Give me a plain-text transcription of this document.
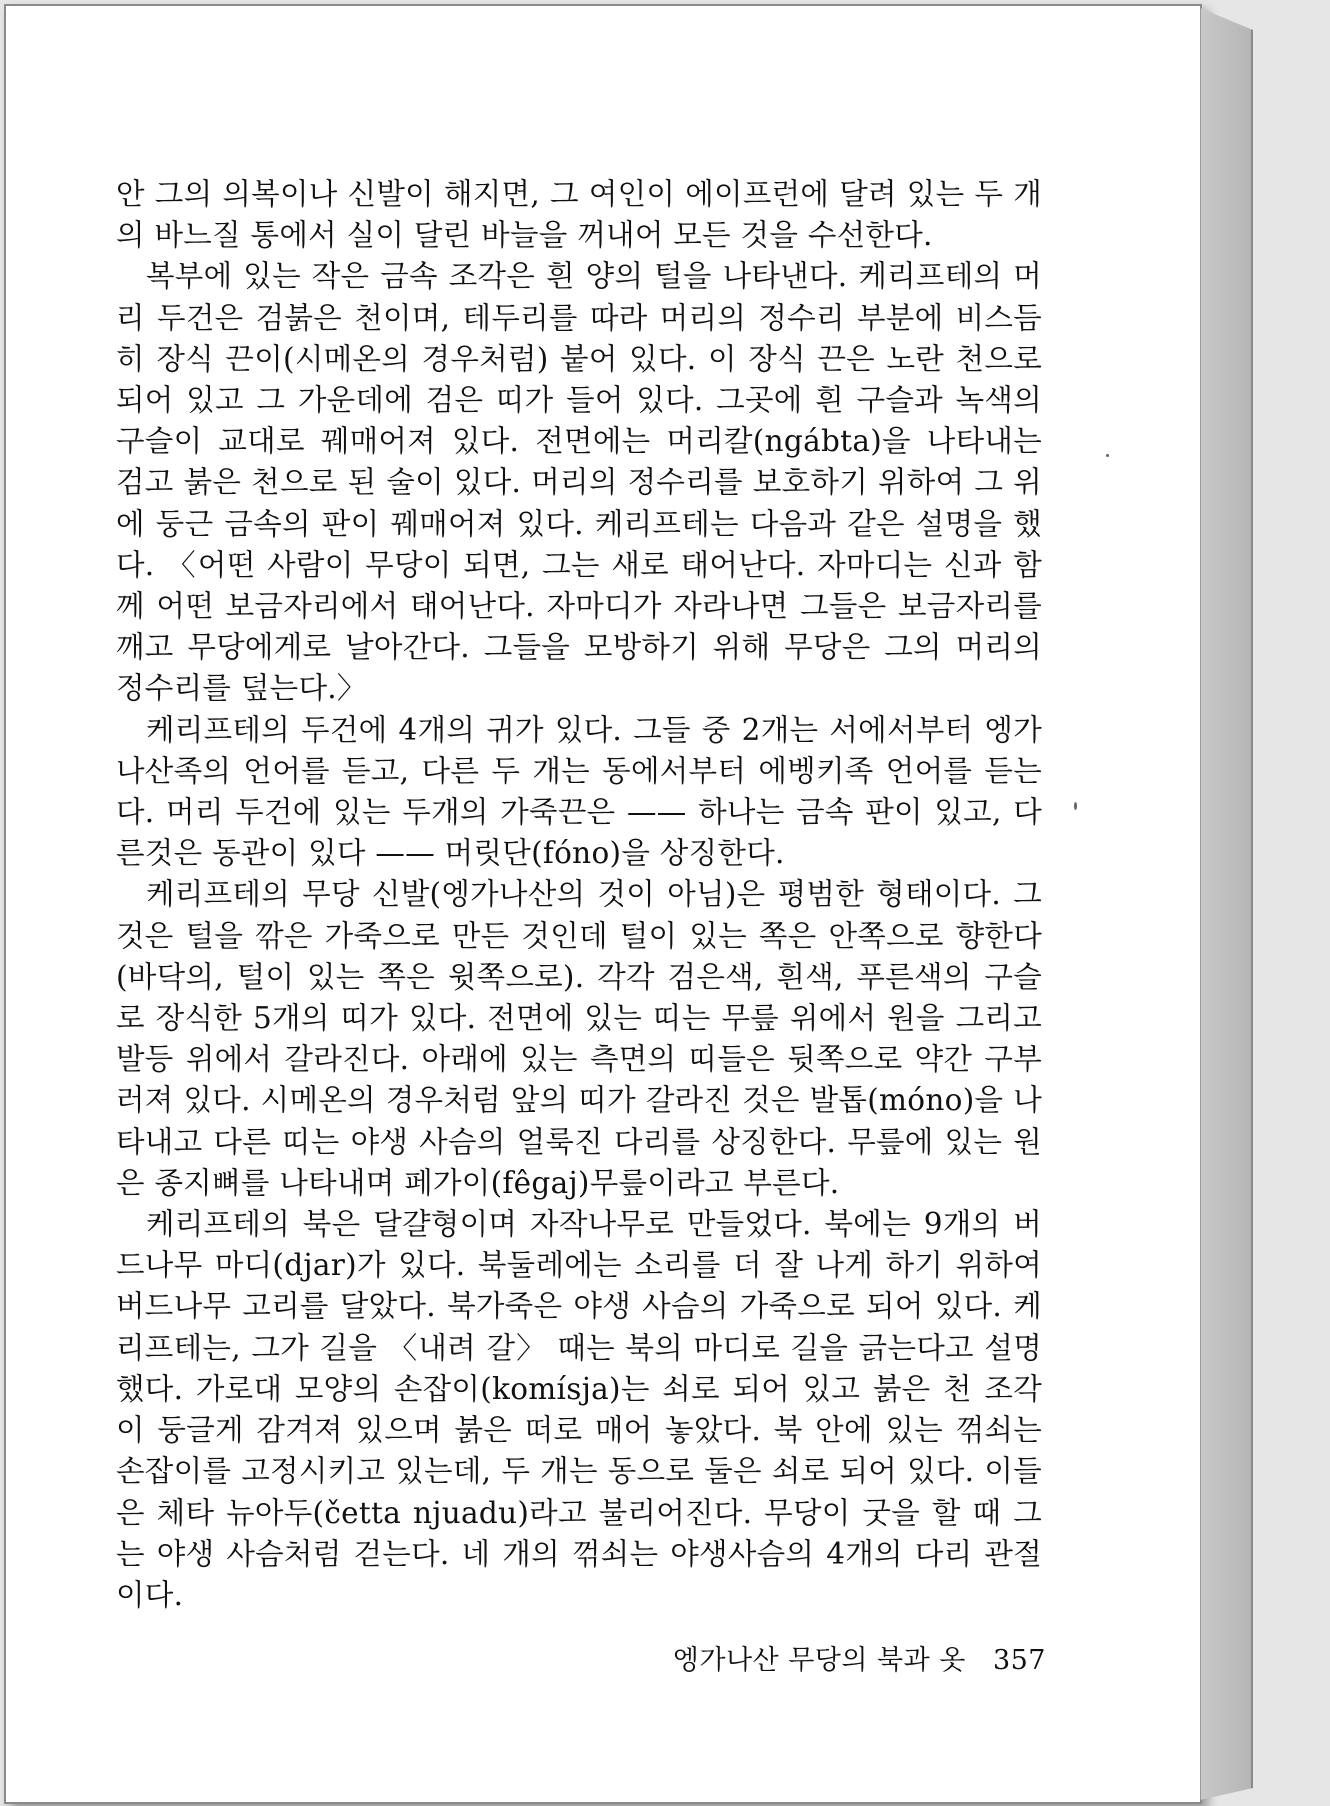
안 그의 의복이나 신발이 해지면, 그 여인이 에이프런에 달려 있는 두 개의 바느질 통에서 실이 달린 바늘을 꺼내어 모든 것을 수선한다.

복부에 있는 작은 금속 조각은 흰 양의 털을 나타낸다. 케리프테의 머리 두건은 검붉은 천이며, 테두리를 따라 머리의 정수리 부분에 비스듬히 장식 끈이(시메온의 경우처럼) 붙어 있다. 이 장식 끈은 노란 천으로 되어 있고 그 가운데에 검은 띠가 들어 있다. 그곳에 흰 구슬과 녹색의 구슬이 교대로 꿰매어져 있다. 전면에는 머리칼(ngábta)을 나타내는 검고 붉은 천으로 된 술이 있다. 머리의 정수리를 보호하기 위하여 그 위에 둥근 금속의 판이 꿰매어져 있다. 케리프테는 다음과 같은 설명을 했다. 〈어떤 사람이 무당이 되면, 그는 새로 태어난다. 자마디는 신과 함께 어떤 보금자리에서 태어난다. 자마디가 자라나면 그들은 보금자리를 깨고 무당에게로 날아간다. 그들을 모방하기 위해 무당은 그의 머리의 정수리를 덮는다.〉

케리프테의 두건에 4개의 귀가 있다. 그들 중 2개는 서에서부터 엥가나산족의 언어를 듣고, 다른 두 개는 동에서부터 에벵키족 언어를 듣는다. 머리 두건에 있는 두개의 가죽끈은 —— 하나는 금속 판이 있고, 다른것은 동관이 있다 —— 머릿단(fóno)을 상징한다.

케리프테의 무당 신발(엥가나산의 것이 아님)은 평범한 형태이다. 그것은 털을 깎은 가죽으로 만든 것인데 털이 있는 쪽은 안쪽으로 향한다(바닥의, 털이 있는 쪽은 윗쪽으로). 각각 검은색, 흰색, 푸른색의 구슬로 장식한 5개의 띠가 있다. 전면에 있는 띠는 무릎 위에서 원을 그리고 발등 위에서 갈라진다. 아래에 있는 측면의 띠들은 뒷쪽으로 약간 구부러져 있다. 시메온의 경우처럼 앞의 띠가 갈라진 것은 발톱(móno)을 나타내고 다른 띠는 야생 사슴의 얼룩진 다리를 상징한다. 무릎에 있는 원은 종지뼈를 나타내며 페가이(fêgaj)무릎이라고 부른다.

케리프테의 북은 달걀형이며 자작나무로 만들었다. 북에는 9개의 버드나무 마디(djar)가 있다. 북둘레에는 소리를 더 잘 나게 하기 위하여 버드나무 고리를 달았다. 북가죽은 야생 사슴의 가죽으로 되어 있다. 케리프테는, 그가 길을 〈내려 갈〉 때는 북의 마디로 길을 긁는다고 설명했다. 가로대 모양의 손잡이(komísja)는 쇠로 되어 있고 붉은 천 조각이 둥글게 감겨져 있으며 붉은 떠로 매어 놓았다. 북 안에 있는 꺾쇠는 손잡이를 고정시키고 있는데, 두 개는 동으로 둘은 쇠로 되어 있다. 이들은 체타 뉴아두(četta njuadu)라고 불리어진다. 무당이 굿을 할 때 그는 야생 사슴처럼 걷는다. 네 개의 꺾쇠는 야생사슴의 4개의 다리 관절이다.

엥가나산 무당의 북과 옷 357
